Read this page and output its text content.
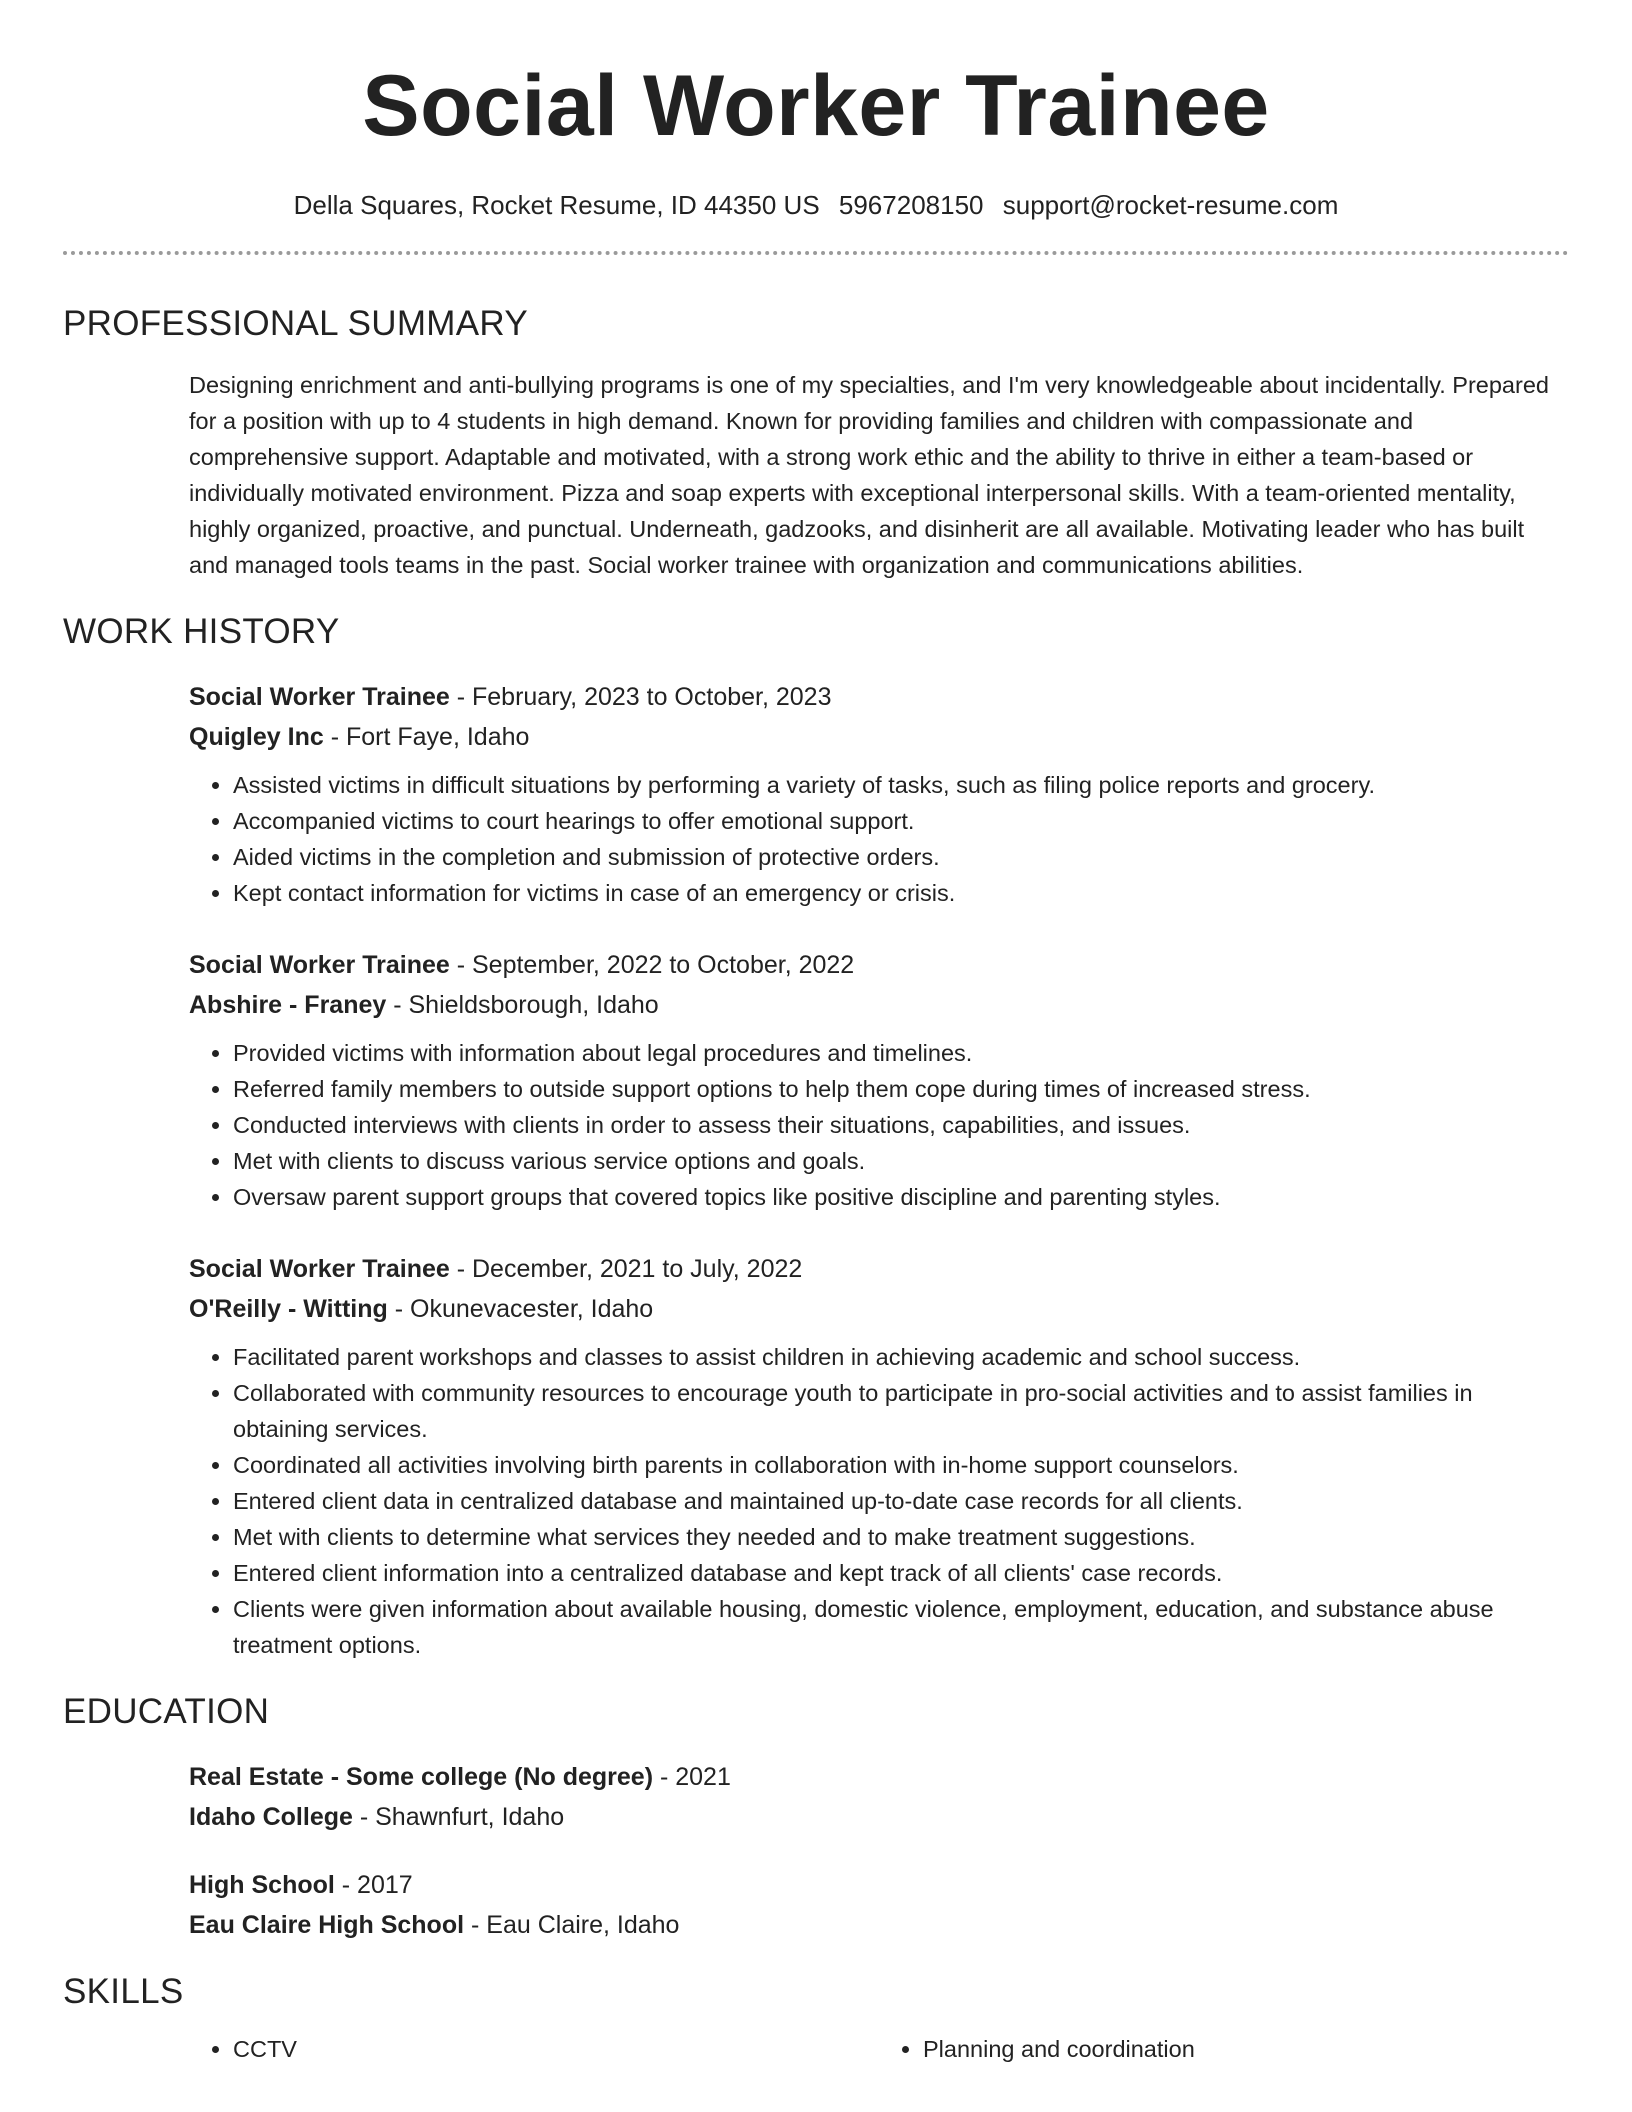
Social Worker Trainee
Della Squares, Rocket Resume, ID 44350 US 5967208150 support@rocket-resume.com
PROFESSIONAL SUMMARY
Designing enrichment and anti-bullying programs is one of my specialties, and I'm very knowledgeable about incidentally. Prepared for a position with up to 4 students in high demand. Known for providing families and children with compassionate and comprehensive support. Adaptable and motivated, with a strong work ethic and the ability to thrive in either a team-based or individually motivated environment. Pizza and soap experts with exceptional interpersonal skills. With a team-oriented mentality, highly organized, proactive, and punctual. Underneath, gadzooks, and disinherit are all available. Motivating leader who has built and managed tools teams in the past. Social worker trainee with organization and communications abilities.
WORK HISTORY
Social Worker Trainee - February, 2023 to October, 2023
Quigley Inc - Fort Faye, Idaho
• Assisted victims in difficult situations by performing a variety of tasks, such as filing police reports and grocery.
• Accompanied victims to court hearings to offer emotional support.
• Aided victims in the completion and submission of protective orders.
• Kept contact information for victims in case of an emergency or crisis.
Social Worker Trainee - September, 2022 to October, 2022
Abshire - Franey - Shieldsborough, Idaho
• Provided victims with information about legal procedures and timelines.
• Referred family members to outside support options to help them cope during times of increased stress.
• Conducted interviews with clients in order to assess their situations, capabilities, and issues.
• Met with clients to discuss various service options and goals.
• Oversaw parent support groups that covered topics like positive discipline and parenting styles.
Social Worker Trainee - December, 2021 to July, 2022
O'Reilly - Witting - Okunevacester, Idaho
• Facilitated parent workshops and classes to assist children in achieving academic and school success.
• Collaborated with community resources to encourage youth to participate in pro-social activities and to assist families in obtaining services.
• Coordinated all activities involving birth parents in collaboration with in-home support counselors.
• Entered client data in centralized database and maintained up-to-date case records for all clients.
• Met with clients to determine what services they needed and to make treatment suggestions.
• Entered client information into a centralized database and kept track of all clients' case records.
• Clients were given information about available housing, domestic violence, employment, education, and substance abuse treatment options.
EDUCATION
Real Estate - Some college (No degree) - 2021
Idaho College - Shawnfurt, Idaho
High School - 2017
Eau Claire High School - Eau Claire, Idaho
SKILLS
• CCTV
•	Planning and coordination
